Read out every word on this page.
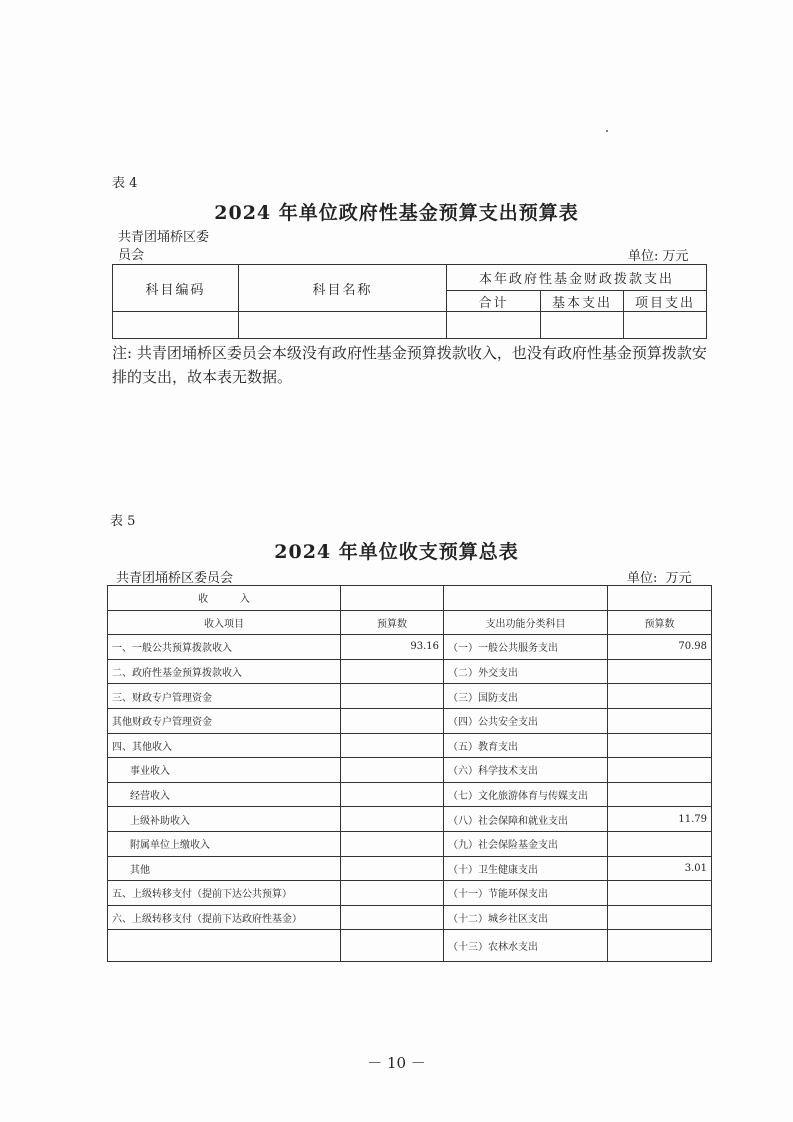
表 4
2024 年单位政府性基金预算支出预算表
共青团埇桥区委
员会	单位: 万元
科目编码	科目名称	本年政府性基金财政拨款支出		
		合计	基本支出	项目支出

注: 共青团埇桥区委员会本级没有政府性基金预算拨款收入，也没有政府性基金预算拨款安排的支出，故本表无数据。
表 5
2024 年单位收支预算总表
共青团埇桥区委员会	单位:  万元
收          入			
收入项目	预算数	支出功能分类科目	预算数
一、一般公共预算拨款收入	93.16	（一）一般公共服务支出	70.98
二、政府性基金预算拨款收入		（二）外交支出	
三、财政专户管理资金		（三）国防支出	
其他财政专户管理资金		（四）公共安全支出	
四、其他收入		（五）教育支出	
事业收入		（六）科学技术支出	
经营收入		（七）文化旅游体育与传媒支出	
上级补助收入		（八）社会保障和就业支出	11.79
附属单位上缴收入		（九）社会保险基金支出	
其他		（十）卫生健康支出	3.01
五、上级转移支付（提前下达公共预算）		（十一）节能环保支出	
六、上级转移支付（提前下达政府性基金）		（十二）城乡社区支出	
		（十三）农林水支出	
－ 10 －
